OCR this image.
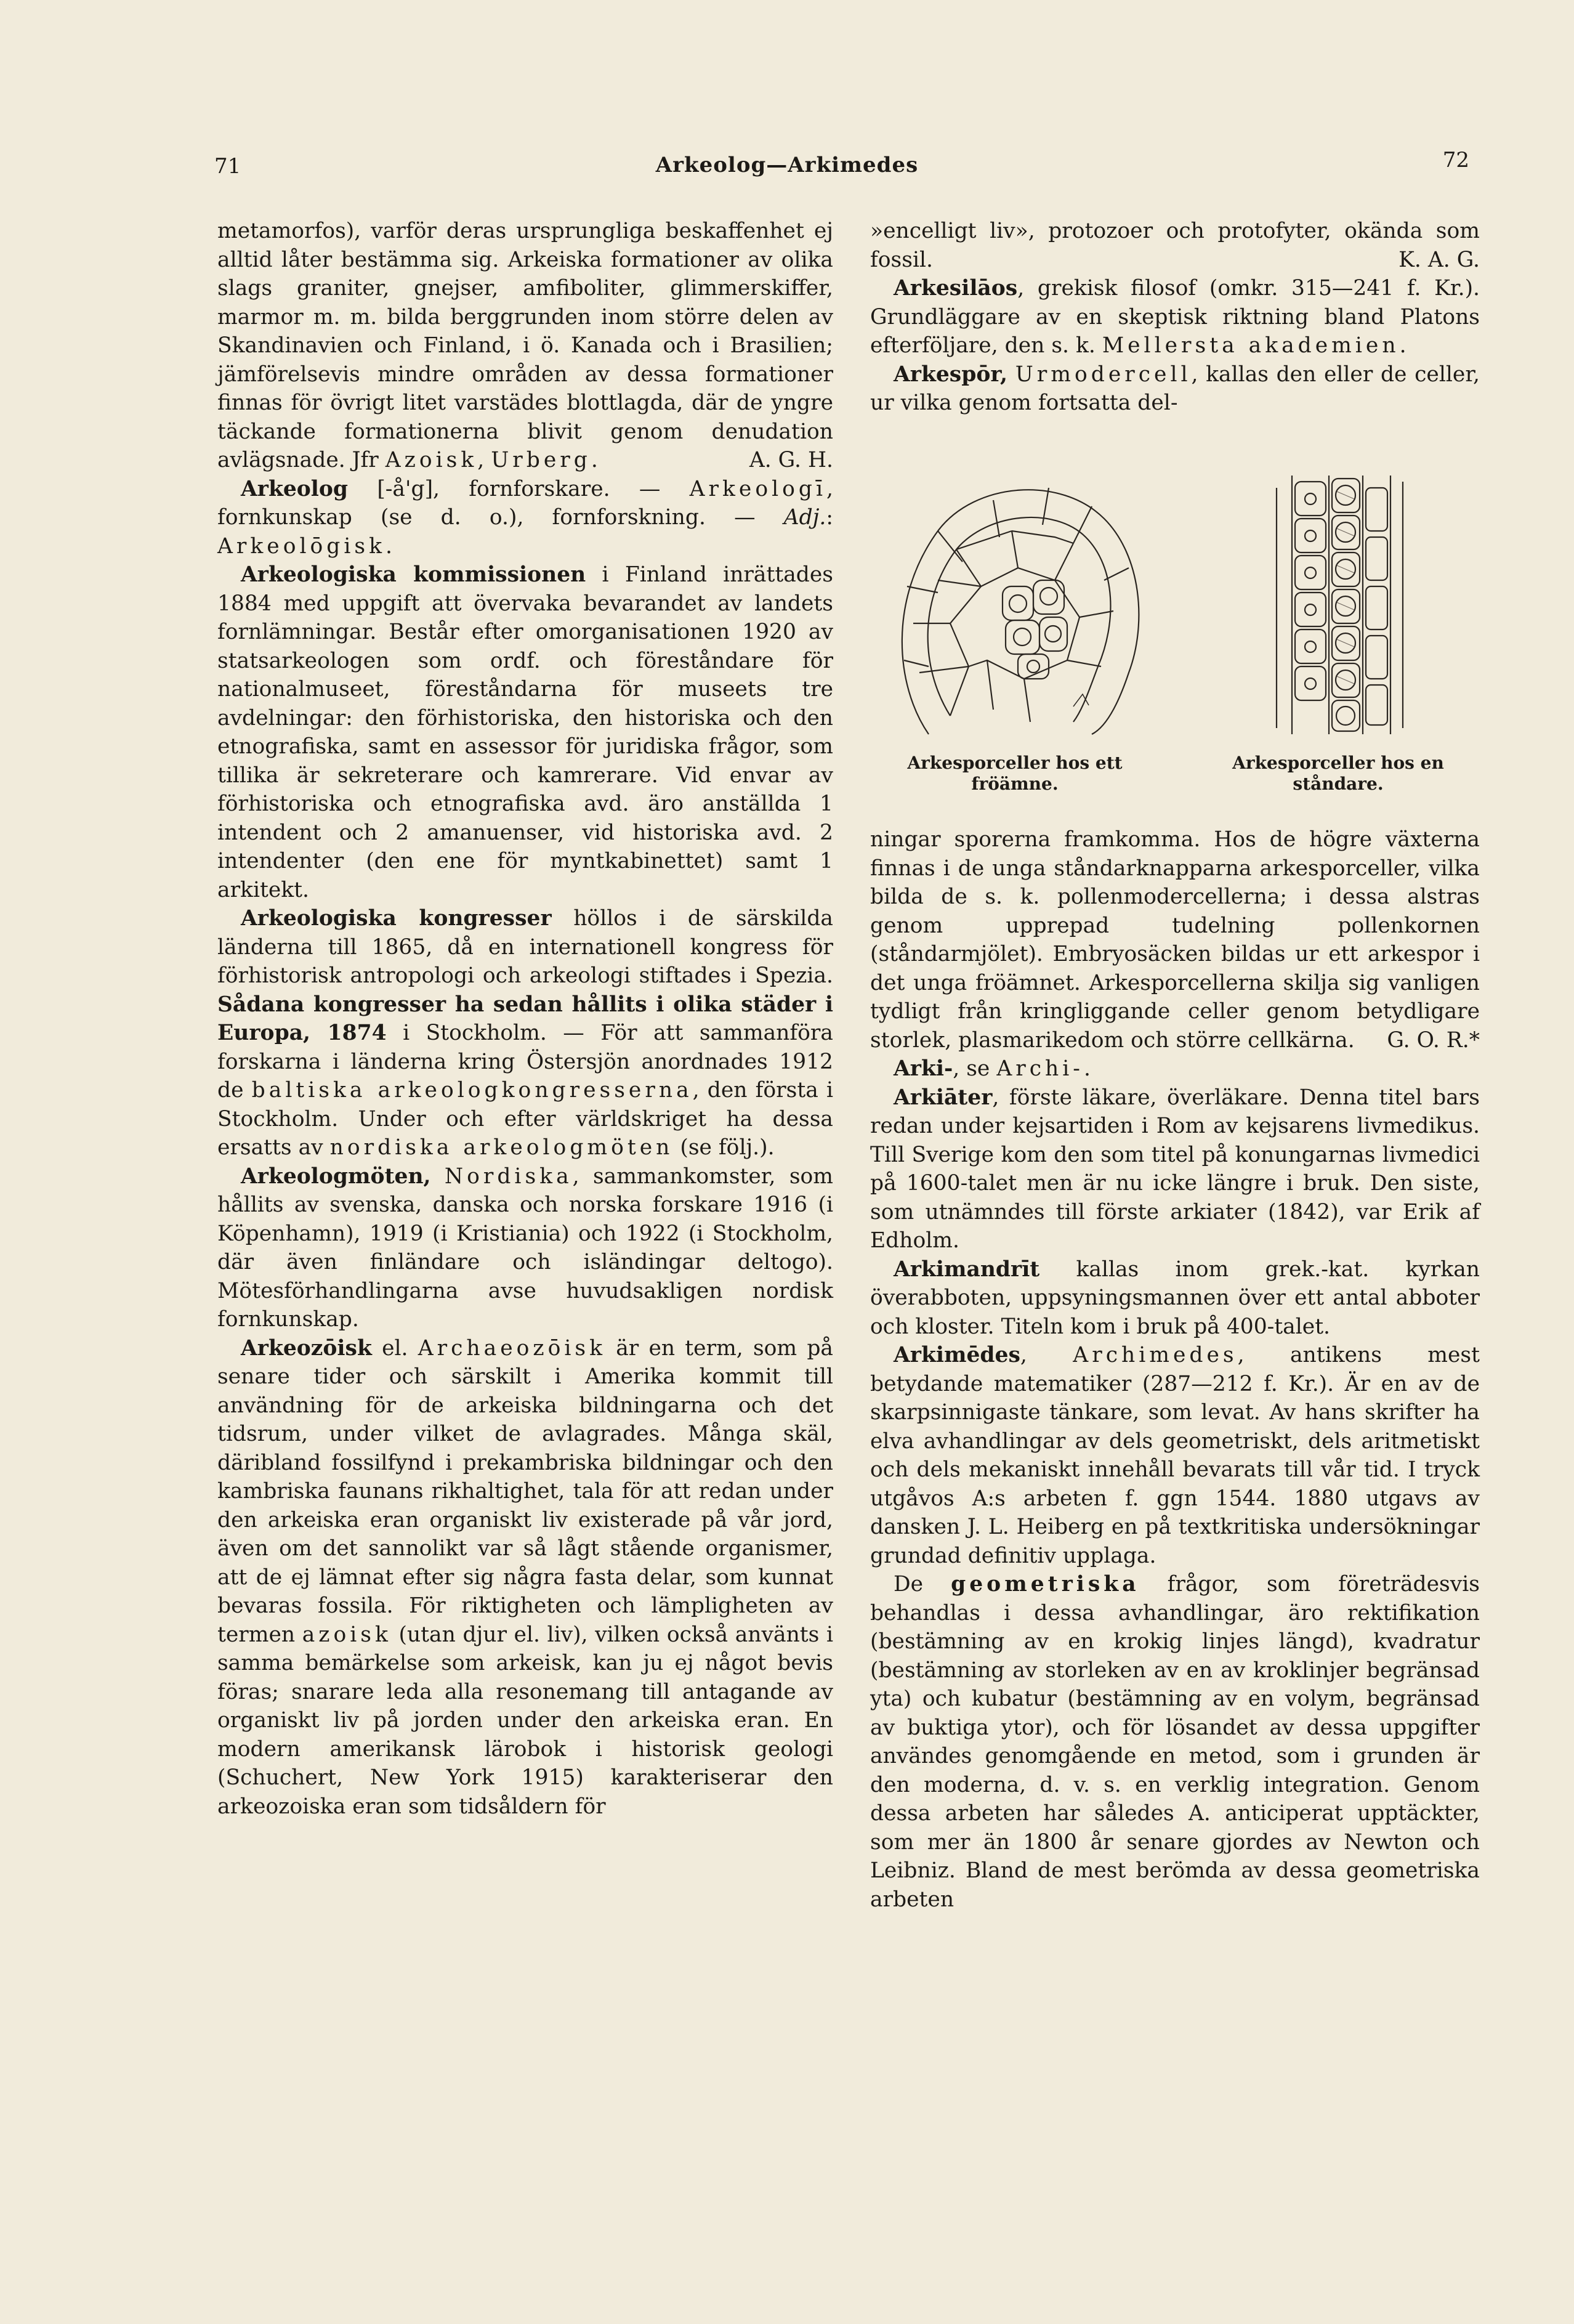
71	Arkeolog—Arkimedes	72

metamorfos), varför deras ursprungliga beskaffenhet ej alltid låter bestämma sig. Arkeiska formationer av olika slags graniter, gnejser, amfiboliter, glimmerskiffer, marmor m. m. bilda berggrunden inom större delen av Skandinavien och Finland, i ö. Kanada och i Brasilien; jämförelsevis mindre områden av dessa formationer finnas för övrigt litet varstädes blottlagda, där de yngre täckande formationerna blivit genom denudation avlägsnade. Jfr Azoisk, Urberg.	A. G. H.

Arkeolog [-å'g], fornforskare. — Arkeologī, fornkunskap (se d. o.), fornforskning. — Adj.: Arkeolōgisk.

Arkeologiska kommissionen i Finland inrättades 1884 med uppgift att övervaka bevarandet av landets fornlämningar. Består efter omorganisationen 1920 av statsarkeologen som ordf. och föreståndare för nationalmuseet, föreståndarna för museets tre avdelningar: den förhistoriska, den historiska och den etnografiska, samt en assessor för juridiska frågor, som tillika är sekreterare och kamrerare. Vid envar av förhistoriska och etnografiska avd. äro anställda 1 intendent och 2 amanuenser, vid historiska avd. 2 intendenter (den ene för myntkabinettet) samt 1 arkitekt.

Arkeologiska kongresser höllos i de särskilda länderna till 1865, då en internationell kongress för förhistorisk antropologi och arkeologi stiftades i Spezia. Sådana kongresser ha sedan hållits i olika städer i Europa, 1874 i Stockholm. — För att sammanföra forskarna i länderna kring Östersjön anordnades 1912 de baltiska arkeologkongresserna, den första i Stockholm. Under och efter världskriget ha dessa ersatts av nordiska arkeologmöten (se följ.).

Arkeologmöten, Nordiska, sammankomster, som hållits av svenska, danska och norska forskare 1916 (i Köpenhamn), 1919 (i Kristiania) och 1922 (i Stockholm, där även finländare och isländingar deltogo). Mötesförhandlingarna avse huvudsakligen nordisk fornkunskap.

Arkeozōisk el. Archaeozōisk är en term, som på senare tider och särskilt i Amerika kommit till användning för de arkeiska bildningarna och det tidsrum, under vilket de avlagrades. Många skäl, däribland fossilfynd i prekambriska bildningar och den kambriska faunans rikhaltighet, tala för att redan under den arkeiska eran organiskt liv existerade på vår jord, även om det sannolikt var så lågt stående organismer, att de ej lämnat efter sig några fasta delar, som kunnat bevaras fossila. För riktigheten och lämpligheten av termen azoisk (utan djur el. liv), vilken också använts i samma bemärkelse som arkeisk, kan ju ej något bevis föras; snarare leda alla resonemang till antagande av organiskt liv på jorden under den arkeiska eran. En modern amerikansk lärobok i historisk geologi (Schuchert, New York 1915) karakteriserar den arkeozoiska eran som tidsåldern för

»encelligt liv», protozoer och protofyter, okända som fossil.	K. A. G.

Arkesilāos, grekisk filosof (omkr. 315—241 f. Kr.). Grundläggare av en skeptisk riktning bland Platons efterföljare, den s. k. Mellersta akademien.

Arkespōr, Urmodercell, kallas den eller de celler, ur vilka genom fortsatta del-

Arkesporceller hos ett fröämne.
Arkesporceller hos en ståndare.

ningar sporerna framkomma. Hos de högre växterna finnas i de unga ståndarknapparna arkesporceller, vilka bilda de s. k. pollenmodercellerna; i dessa alstras genom upprepad tudelning pollenkornen (ståndarmjölet). Embryosäcken bildas ur ett arkespor i det unga fröämnet. Arkesporcellerna skilja sig vanligen tydligt från kringliggande celler genom betydligare storlek, plasmarikedom och större cellkärna. G. O. R.*

Arki-, se Archi-.

Arkiāter, förste läkare, överläkare. Denna titel bars redan under kejsartiden i Rom av kejsarens livmedikus. Till Sverige kom den som titel på konungarnas livmedici på 1600-talet men är nu icke längre i bruk. Den siste, som utnämndes till förste arkiater (1842), var Erik af Edholm.

Arkimandrīt kallas inom grek.-kat. kyrkan överabboten, uppsyningsmannen över ett antal abboter och kloster. Titeln kom i bruk på 400-talet.

Arkimēdes, Archimedes, antikens mest betydande matematiker (287—212 f. Kr.). Är en av de skarpsinnigaste tänkare, som levat. Av hans skrifter ha elva avhandlingar av dels geometriskt, dels aritmetiskt och dels mekaniskt innehåll bevarats till vår tid. I tryck utgåvos A:s arbeten f. ggn 1544. 1880 utgavs av dansken J. L. Heiberg en på textkritiska undersökningar grundad definitiv upplaga.

De geometriska frågor, som företrädesvis behandlas i dessa avhandlingar, äro rektifikation (bestämning av en krokig linjes längd), kvadratur (bestämning av storleken av en av kroklinjer begränsad yta) och kubatur (bestämning av en volym, begränsad av buktiga ytor), och för lösandet av dessa uppgifter användes genomgående en metod, som i grunden är den moderna, d. v. s. en verklig integration. Genom dessa arbeten har således A. anticiperat upptäckter, som mer än 1800 år senare gjordes av Newton och Leibniz. Bland de mest berömda av dessa geometriska arbeten
